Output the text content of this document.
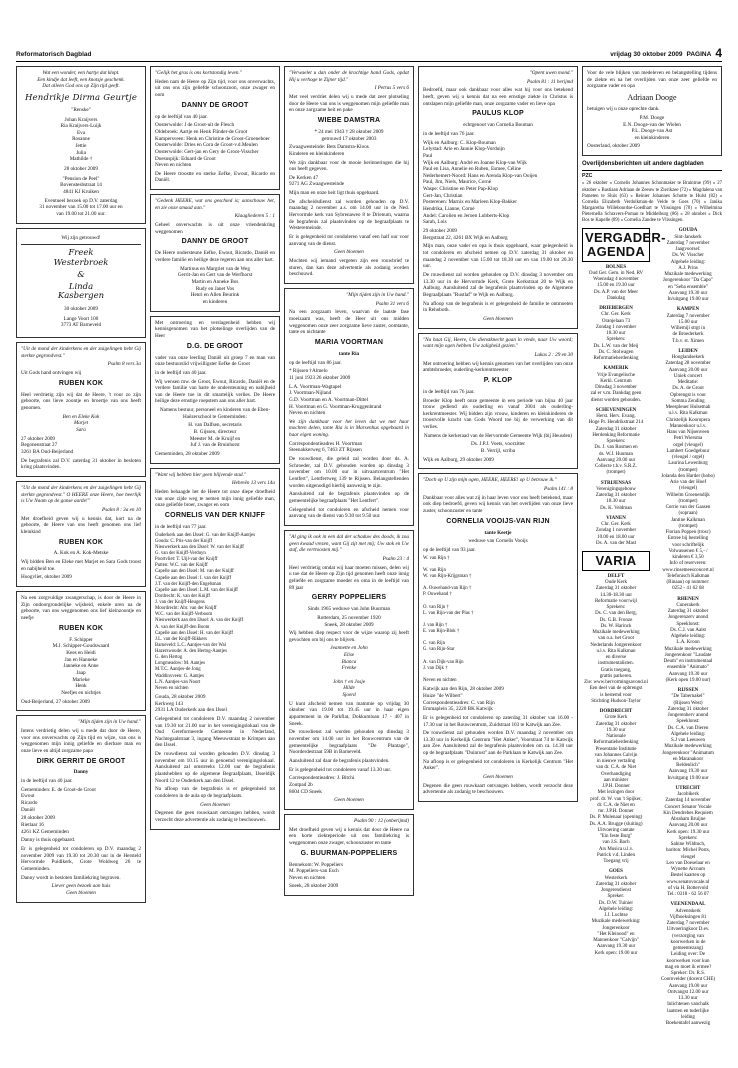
Reformatorisch Dagblad	vrijdag 30 oktober 2009 PAGINA 4

Wat een wonder, een hartje dat klopt.
Een kindje dat leeft, een knotsje geschenk.
Dat alleen God ons op Zijn tijd geeft.

Hendrikje Dirma Geurtje

"Renske"

Johan Kraijvers
Ria Kraijvers-Luijk
Eva
Rosanne
Jettie
Julia
Mathilde †

28 oktober 2009

"Pension de Peel"
Bovenstesbstraat 14
4841 KJ Kruiken

Eventueel bezoek op D.V. zaterdag
31 november van 15.00 tot 17.00 uur en
van 19.00 tot 21.00 uur.

Wij zijn getrouwd!

Freek
Westerbroek

&

Linda
Kasbergen

30 oktober 2009

Lange Voort 100
3773 AT Barneveld

"Uit de mond der kinderkens en der zuigelingen hebt Gij sterkte gegrondvest."

Psalm 8 vers 3a

Uit Gods hand ontvingen wij

RUBEN KOK

Heel verdrietig zijn wij dat de Heere, 't voor zo zijn geboorte, ons lieve zoontje en broertje van ons heeft genomen.

Ben en Eleke Kok
Marjet
Sara

27 oktober 2009
Begonenstraat 27
3261 BA Oud-Beijerland

De begrafenis zal D.V. zaterdag 31 oktober in besloten kring plaatsvinden.

"Uit de mond der kinderkens en der zuigelingen hebt Gij sterkte gegrondvest." O HEERE onze Heere, hoe heerlijk is Uw Naam op de ganse aarde!"

Psalm 8 : 3a en 10

Met droefheid geven wij u kennis dat, kort na de geboorte, de Heere van ons heeft genomen ons lief kleinkind

RUBEN KOK

A. Kok en A. Kok-Metske

Wij bidden Ben en Eleke met Marjet en Sara Gods troost en nabijheid toe.

Hoogvliet, oktober 2009

Na een zorgvuldige zwangerschap, is door de Heere in Zijn ondoorgrondelijke wijsheid, enkele uren na de geboorte, van ons weggenomen ons lief kleinzoontje en neefje

RUBEN KOK

F. Schipper
M.J. Schipper-Goudswaard
Kees en Heidi
Jan en Hanneke
Janneke en Anne
Jaap
Marieke
Henk
Neefjes en nichtjes

Oud-Beijerland, 27 oktober 2009

"Mijn tijden zijn in Uw hand."

Intens verdrietig delen wij u mede dat door de Heere, voor ons onverwachts op Zijn tijd en wijze, van ons is weggenomen mijn innig geliefde en dierbare man en onze lieve en altijd zorgzame papa

DIRK GERRIT DE GROOT

Danny

in de leeftijd van 40 jaar.

Gememinden: E. de Groot-de Groot
Ewout
Ricardo
Daniël

28 oktober 2009
Rietlaar 16
4261 KZ Gememinden

Danny is thuis opgebaard.

Er is gelegenheid tot condoleren op D.V. maandag 2 november 2009 van 19.30 tot 20.30 uur in de Hersteld Hervormde Puidlkerk, Grote Woldweg 26 te Gememinden.

Danny wordt in besloten familiekring begraven.

Liever geen bezoek aan huis
Geen bloemen

"Gelijk het gras is ons kortstondig leven."

Heden nam de Heere op Zijn tijd, voor ons onverwachts, uit ons ons zijn geliefde schoonzoon, onze zwager en oom

DANNY DE GROOT

op de leeftijd van 40 jaar.

Oosterwolde: J de Groot-uit de Flesch
Oldebroek: Aartje en Henk Flinder-de Groot
Kampersveen: Henk en Christine de Groot-Groeneboer
Oosterwolde: Dries en Cora de Groot-v.d.Meulen
Oosterwolde: Gert-jan en Gery de Groot-Visscher
Doesnspijk: Eduard de Groot
Neven en nichten

De Heere troostte en sterke Eefke, Ewout, Ricardo en Daniël.

"Gedenk HEERE, wat ons geschied is; aanschouw het, en zie onze smaad aan."

Klaagliederen 5 : 1

Geheel onverwachts is uit onze vriendenkring weggenomen

DANNY DE GROOT

De Heere ondersteune Eefke, Ewout, Ricardo, Daniël en verdere familie en heilige deze regeren aan ons aller hart.

Martinus en Margriet van de Weg
Gerrit-Jan en Gert van de Werfhorst
Martin en Anneke Bos
Rudy en Janet Vos
Henri en Allen Beurink
en kinderen

Met ontroering en verslagenheid hebben wij kennisgenomen van het plotselinge overlijden van de Heer

D.G. DE GROOT

vader van onze leerling Daniël uit groep 7 en man van onze bestuurslid vrijwilligster Eefke de Groot

in de leeftijd van 40 jaar.

Wij wensen mw. de Groot, Ewout, Ricardo, Daniël en de verdere familie van harte de ondersteuning en nabijheid van de Heere toe in dit smartelijk verlies. De Heere heilige deze ernstige roepstem aan ons aller hart.

Namens bestuur, personeel en kinderen van de Eben-Haëzerschool te Gememinden:

H. van Dalfsen, secretaris
B. Gijssen, directeur
Meester M. de Kruijf en
Juf J. van de Bruinhorst

Gememinden, 28 oktober 2009

"Want wij hebben hier geen blijvende stad."

Hebreën 13 vers 14a

Heden behaagde het de Heere tot onze diepe droefheid van onze zijde weg te nemen mijn innig geliefde man, onze geliefde broer, zwager en oom

CORNELIS VAN DER KNIJFF

in de leeftijd van 77 jaar.

Ouderkerk aan den IJssel: G. van der Knijff-Aantjes
Gouda: C. Pris-van der Knijff
Nieuwerkerk aan den IJssel: W. van der Knijff
G. van der Knijff-Verduyn
Poortvliet: T. Uijl-van der Knijff
Putten: W.C. van der Knijff
Capelle aan den IJssel: M. van der Knijff
Capelle aan den IJssel: I. van der Knijff
J.T. van der Knijff-den Engelsman
Capelle aan den IJssel: L.M. van der Knijff
Dordrecht: K. van der Knijff
J. van der Knijff-Heugens
Moordrecht: Abr. van der Knijff
W.C. van der Knijff-Verboom
Nieuwerkerk aan den IJssel: A. van der Knijff
A. van der Knijff-den Boom
Capelle aan den IJssel: H. van der Knijff
J.L. van der Knijff-Rikkers
Barneveld: L.C. Aantjes-van der Wal
Hazerswoude: A. den Hertog-Aantjes
G. den Hertog
Longmeadow: M. Aantjes
M.T.C. Aantjes-de Jong
Waddinxveen: G. Aantjes
L.N. Aantjes-van Noort
Neven en nichten

Gouda, 28 oktober 2009
Kerkweg 143
2931 LA Ouderkerk aan den IJssel

Gelegenheid tot condoleren D.V. maandag 2 november van 19.30 tot 21.00 uur in het verenigingslokaal van de Oud Gereformeerde Gemeente in Nederland, Nachtegaalstraat 3, ingang Meeuwstraat te Krimpen aan den IJssel.

De rouwdienst zal worden gehouden D.V. dinsdag 3 november om 10.15 uur in genoemd verenigingslokaal. Aansluitend zal omstreeks 12.00 uur de begrafenis plaatshebben op de algemene Begraafplaats, IJsseldijk Noord 12 te Ouderkerk aan den IJssel.

Na afloop van de begrafenis is er gelegenheid tot condoleren in de aula op de begraafplaats.

Geen bloemen

Degenen die geen rouwkaart ontvangen hebben, wordt verzocht deze advertentie als zodanig te beschouwen.

"Verwaelet u dan onder de krachtige hand Gods, opdat Hij u verhoge te Zijner tijd."

I Petrus 5 vers 6

Met veel verdriet delen wij u mede dat zeer plotseling door de Heere van ons is weggenomen mijn geliefde man en onze zorgzame heit en pake

WIEBE DAMSTRA

* 24 mei 1943 † 28 oktober 2009
getrouwd 17 oktober 2003

Zwaagwesteinde: Bets Damstra-Kloos
Kinderen en kleinkinderen

We zijn dankbaar voor de mooie herinneringen die hij ons heeft gegeven.

De Kerken 47
9271 AG Zwaagwesteinde

Mijn man en onze heit ligt thuis opgebaard.

De afscheidsdienst zal worden gehouden op D.V. maandag 2 november a.s. om 14.00 uur in de Ned. Hervormde kerk van Sybrenaweo 8 te Drienum, waarna de begrafenis zal plaatsvinden op de begraafplaats te Westeremeinde.

Er is gelegenheid tot condoleren vanaf een half uur voor aanvang van de dienst.

Geen bloemen

Mochten wij iemand vergeten zijn een rouwbrief te sturen, dan kan deze advertentie als zodanig worden beschouwd.

"Mijn tijden zijn in Uw hand."

Psalm 31 vers 6

Na een zorgzaam leven, waarvan de laatste fase moeizaam was, heeft de Heer uit ons midden weggenomen onze zeer zorgzame lieve zuster, oomtante, tante en nichtante

MARIA VOORTMAN

tante Ria

op de leeftijd van 86 jaar.

* Rijssen †Almelo
11 juni 1923 26 oktober 2009

L.A. Voortman-Wagtapel
J. Voortman-Nijland
G.D. Voortman en A. Voortman-Dittel
H. Voortman en G. Voortman-Kruggenbrand
Neven en nichten

We zijn dankbaar voor het leven dat we met haar mochten delen, tante Ria is in Marsenhus opgebaard in haar eigen woning.

Correspondentieadres H. Voortman
Steenakkerweg 6, 7463 ZT Rijssen

De rouwdienst, die geleid zal worden door ds. A. Schroeder, zal D.V. gehouden worden op dinsdag 3 november om 10.00 uur in uitvaartcentrum "Het Lentfert", Lentfertweg 139 te Rijssen. Belangstellenden worden uitgenodigd hierbij aanwezig te zijn.

Aansluitend zal de begrafenis plaatsvinden op de gemeentelijke begraafplaats "Het Lentfert".

Gelegenheid tot condoleren en afscheid nemen voor aanvang van de dienst van 9.30 tot 9.50 uur.

"Al ging ik ook in een dal der schaduw des doods, ik zou geen kwaad vrezen, want Gij zijt met mij; Uw stok en Uw staf, die vertroosten mij."

Psalm 23 : 4

Heel verdrietig omdat wij haar moeten missen, delen wij u toe dat de Heere op Zijn tijd genomen heeft onze innig geliefde en zorgzame moeder en oma in de leeftijd van 89 jaar

GERRY POPPELIERS

Sinds 1965 weduwe van John Buurman

Rotterdam, 25 november 1920
Sneek, 28 oktober 2009

Wij hebben diep respect voor de wijze waarop zij heeft gevochten om bij ons te blijven.

Jeannette en John
Elise
Bianca
Frenke

John † en Josje
Hilde
Sjoerd

U kunt afscheid nemen van mammie op vrijdag 30 oktober van 19.00 tot 19.45 uur in haar eigen appartement in de Parkflat, Dokkumloan 17 - 407 in Sneek.

De rouwdienst zal worden gehouden op dinsdag 3 november om 14.00 uur in het Rouwcentrum van de gemeentelijke begraafplaats "De Plantage", Noorderdestraat 59B in Barneveld.

Aansluitend zal daar de begrafenis plaatsvinden.

Er is gelegenheid tot condoleren vanaf 13.30 uur.

Correspondentieadres: J. Bitchi
Zoutpad 2b
8604 CD Sneek

Geen bloemen

Psalm 90 : 12 (onberijmd)

Met droefheid geven wij u kennis dat door de Heere na een korte ziekteperiode uit ons familiekring is weggenomen onze zwager, schoonzuster en tante

G. BUURMAN-POPPELIERS

Bennekom: W. Poppeliers
M. Poppeliers-van Esch
Neven en nichten

Sneek, 28 oktober 2009

"Opent uwen mond."

Psalm 81 : 11 berijmd

Bedroefd, maar ook dankbaar voor alles wat hij voor ons betekend heeft, geven wij u kennis dat na een ernstige ziekte in Christus is ontslapen mijn geliefde man, onze zorgzame vader en lieve opa

PAULUS KLOP

echtgenoot van Cornelia Bouman

in de leeftijd van 76 jaar.

Wijk en Aalburg: C. Klop-Bouman
Lelystad: Arie en Jannie Klop-Vorduijn
Paul
Wijk en Aalburg: André en Joanne Klop-van Wijk
Paul en Lisa, Annelie en Ruben, Esmee, Céline
Nederhemert-Noord: Hans en Arenda Klop-van Ooijen
Paul, Jim, Niels, Maurice, Corné
Waspe: Christine en Peter Pap-Klop
Gert-Jan, Christian
Posterenen: Marnix en Marleen Klop-Bakker
Hendrika, Lianne, Corné
Andel: Carolien en Jeroen Lubberts-Klop
Sarah, Lois

29 oktober 2009
Bergstraat 22, 4261 BX Wijk en Aalburg

Mijn man, onze vader en opa is thuis opgebaard, waar gelegenheid is tot condoleren en afscheid nemen op D.V. zaterdag 31 oktober en maandag 2 november van 15.00 tot 18.30 uur en van 19.00 tot 20.30 uur.

De rouwdienst zal worden gehouden op D.V. dinsdag 3 november om 13.30 uur in de Hervormde Kerk, Grote Kerkstraat 20 te Wijk en Aalburg. Aansluitend zal de begrafenis plaatsvinden op de Algemene Begraafplaats "Rustlaf" te Wijk en Aalburg.

Na afloop van de begrafenis is er gelegenheid de familie te ontmoeten in Rehoboth.

Geen bloemen

"Na haat Gij, Heere, Uw dienstknecht gaan in vrede, naar Uw woord; want mijn ogen hebben Uw zaligheid gezien."

Lukas 2 : 29 en 30

Met ontroering hebben wij kennis genomen van het overlijden van onze ambtsbroeder, ouderling-kerkrentmeester

P. KLOP

in de leeftijd van 76 jaar.

Broeder Klop heeft onze gemeente in een periode van bijna 40 jaar trouw gediend als ouderling en vanaf 2004 als ouderling-kerkrentmeester. Wij bidden zijn vrouw, kinderen en kleinkinderen de troostvolle kracht van Gods Woord toe bij de verwerking van dit verlies.

Namens de kerkeraad van de Hervormde Gemeente Wijk (bij Heusden)

Ds. J.P.J. Voets, voorzitter
B. Verrijl, scriba

Wijk en Aalburg, 29 oktober 2009

"Doch op U zijn mijn ogen, HEERE, HEERE! op U betrouw ik."

Psalm 141 : 8

Dankbaar voor alles wat zij in haar leven voor ons heeft betekend, maar ook diep bedroefd, geven wij kennis van het overlijden van onze lieve zuster, schoonzuster en tante

CORNELIA VOOIJS-VAN RIJN

tante Keetje

weduwe van Cornelis Vooijs

op de leeftijd van 93 jaar.

W. van Rijn †

W. van Rijn
W. van Rijn-Krijgsman †

A. Ouwehand-van Rijn †
P. Ouwehand †

O. van Rijn †
L. van Rijn-van der Plas †

J. van Rijn †
E. van Rijn-Blok †

C. van Rijn
G. van Rijn-Star

A. van Dijk-van Rijn
J. van Dijk †

Neven en nichten

Katwijk aan den Rijn, 28 oktober 2009
Huize "de Wilbert"
Correspondentieadres: C. van Rijn
Emmaplein 35, 2220 BK Katwijk

Er is gelegenheid tot condoleren op zaterdag 31 oktober van 16.00 - 17.30 uur in het Rouwcentrum, Zuidstraat 103 te Katwijk aan Zee.

De rouwdienst zal gehouden worden D.V. maandag 2 november om 13.30 uur in Kerkelijk Centrum "Het Anker", Voorstraat 74 te Katwijk aan Zee. Aansluitend zal de begrafenis plaatsvinden om ca. 14.30 uur op de begraafplaats "Duinrust" aan de Parklaan te Katwijk aan Zee.

Na afloop is er gelegenheid tot condoleren in Kerkelijk Centrum "Het Anker".

Geen bloemen

Degenen die geen rouwkaart ontvangen hebben, wordt verzocht deze advertentie als zodanig te beschouwen.

Voor de vele blijken van medeleven en belangstelling tijdens de ziekte en na het overlijden van onze zeer geliefde en zorgzame vader en opa

Adriaan Dooge

betuigen wij u onze oprechte dank.

P.M. Dooge
E.N. Dooge-van der Wielen
P.L. Dooge-van Ast
en kleinkinderen

Oosterland, oktober 2009

Overlijdensberichten uit andere dagbladen

PZC

« 26 oktober » Cornelis Johannes Schonmaker te Braintrue (99) » 27 oktober » Bastiaan Adriaan de Zeeuw te Zierikzee (72) » Magdalena van Pameten te Sluis (63) » Reinier Johannes Schotte te Hulst (82) » Cornelia Elizabeth Verdolkman-de Velde te Goes (70) » Janika Margaretha Willeboordse-Goedhart te Vlissingen (78) » Wilhelmina Pieternella Schravers-Poman te Middelburg (86) » 28 oktober » Dick Bos te Kapelle (89) » Cornelia Zandee te Vlissingen.

VERGADER-
AGENDA
BOLNES
Oud Ger. Gem. in Ned. RV
Woensdag 4 november
15.00 en 19.30 uur
Ds. A.P. van der Meer
Dankdag
DRIEBERGEN
Chr. Ger. Kerk
Oranjelaan 73
Zondag 1 november
18.30 uur
Sprekers:
Ds. L.W. van der Meij
Ds. C. Stolwagen
Reformatieherdenking
KAMERIK
Vrije Evangelische
Kerkl. Centrum
Dinsdag 3 november
zal er v.m. Dankdag geen
dienst worden gehouden.
SCHEVENINGEN
Herst. Herv. Evang.
Hoge Pr. Hendrikstraat 214
Zaterdag 31 oktober
Herdenking Reformatie
Sprekers:
Ds. J. van Rosmen en
ds. W.J. Huuman
Aanvang 20.00 uur
Collecte t.b.v. S.R.Z.
(trompet)
STRIJENSAS
Verenigingsgebouw
Zaterdag 31 oktober
18.30 uur
Ds. K. Veldman
VIANEN
Chr. Ger. Kerk
Zondag 1 november
10.00 en 18.00 uur
Ds. A. van der Mast
VARIA
DELFT
Oude Kerk
Zaterdag 31 oktober
14.30-18.30 uur
Reformatie voor/wijl
Sprekers:
Ds. C. van den Berg,
Ds. G.B. Fronze
Ds. W. Harinck
Muzikale medewerking
van o.a. het Groot
Nederlands Jongerenkoor
u.l.v. Rita Kalkman
en diverse
instrumentalisten.
Gratis toegang,
grattis parkeren.
Zie: www.hervormingsavond.nl
Een deel van de opbrengst
is bestemd voor
Stichting Hudson-Taylor
DORDRECHT
Grote Kerk
Zaterdag 31 oktober
19.30 uur
Nationale
Reformatieherdenking
Presentatie Institutie
van Johannes Calvijn
in nieuwe vertaling
van dr. C.A. de Niet
Overhandiging
aan minister
J.P.H. Donner
Met lezingen door
prof. dr. W. van 't Spijker,
dr. C.A. de Niet en
mr. J.P.H. Donner
Ds. P. Molenaar (opening)
Ds. A.A. Brugge (sluiting)
Uitvoering cantate
"Ein feste Burg"
van J.S. Bach
Ars Musica u.l.v.
Patrick v.d. Linden
Toegang vrij
GOES
Westerkerk
Zaterdag 31 oktober
Jongerendienst
Spreker:
Ds. D.W. Tuinier
Algehele leiding:
J.J. Luchtse
Muzikale medewerking:
Jongerenkoor
"Het Kleinood" en
Mannenkoor "Calvijn"
Aanvang 19.30 uur
Kerk open: 19.00 uur
GOUDA
Sint-Janskerk
Zaterdag 7 november
Jaagvoorsel:
Ds. W. Visscher
Algehele leiding:
A.J. Prins
Muzikale medewerking
Jongerenkoor "Da Capo"
en "Seba ensemble"
Aanvang 19.30 uur
In/uitgang 19.00 uur
KAMPEN
Zaterdag 7 november
15.00 uur
Willemiji strgt in
de Broederkerk
T.b.v. st. Ximen
LEIDEN
Hooglandsekerk
Zaterdag 28 november
Aanvang 20.00 uur
Uniek concert
Meditatie:
Ds. A. de Groot
Opbrengst is voor
Somma Zending
Meespleuer Hulsemah
u.l.v. Rita Kalkman
Christelijk Kooropera
Mannenkoor u.l.v.
Hans van Nijsenveen
Petri Wiersma
orgel (vleugel)
Lambert Goedgebuur
(vleugel / orgel)
Laurina Lewenburg
(trompet)
Jolanda den Harder (hobo)
Arie van der Hoef
(vleugel)
Wilhelm Groenendijk
(trompet)
Corrie van der Gaasen
(sopraan)
Jantine Kalkman
(trompet)
Florian Poppen (trosc)
Entree bij bestelling
voor schriftelijk
Volwassenen € 5,- /
kinderen € 3,50
Info of reserveren:
www.rinsemeesconcert.nl
Telefonisch Kalkman
(Rinaau) op nummer:
0252 - 41 62 68
RHENEN
Cunerakerk
Zaterdag 31 oktober
Jongerenzerv anond
Speeklonst:
Ds. C.J. van Aalst
Algehele leiding:
L.A. Kroon
Muzikale medewerking
Jongerenkoor "Laudate
Deum" en instrumentaal
ensemble "Animato"
Aanvang 19.30 uur
(Kerk open 19.00 uur)
RIJSSEN
"De Tabernakel"
(Rijssen West)
Zaterdag 31 oktober
Jongerenherv anond
Speeklonst:
Ds. C.A. van Dieren
Algehele leiding:
S.J van Leeuwen
Muzikale medewerking
Jongerenkoor "Animatum
en Maranakoor
Beldenlich"
Aanvang 19.30 uur
In/uitgang 19.00 uur
UTRECHT
Jacobikerk
Zaterdag 14 november
Concert Senator Vocale
Kin Dendrebes Requiem
Abraham Bruijne
Aanvang 20.00 uur
Kerk open: 19.30 uur
Sprekers:
Sabine Wildtuch,
bariton: Michel Posts,
vleugel
Leo van Doeselaar en
Wynette Arcnum
Bestel kaarten op
www.senatovocale.nl
of via H. Bottervold
Tel.: 0318 - 62 56 07
VEENENDAAL
Adventskerk
Vijfhoeksingen 81
Zaterdag 7 november
Uitvoeringkoor D.ev.
(verzorging van
koorwerken in de
gemeentezang)
Leiding over: De
koorwerken voor kun
mag en moet ik ermee?
Spreker: Dr. R.S.
Coornvelder (docent CHE)
Aanvang 19.00 uur
Ontvangst 12.00 uur
13.30 uur
Inlichtenen vanchalk
laatsten en tuderlijke
leiding
Boekentafel aanwezig
